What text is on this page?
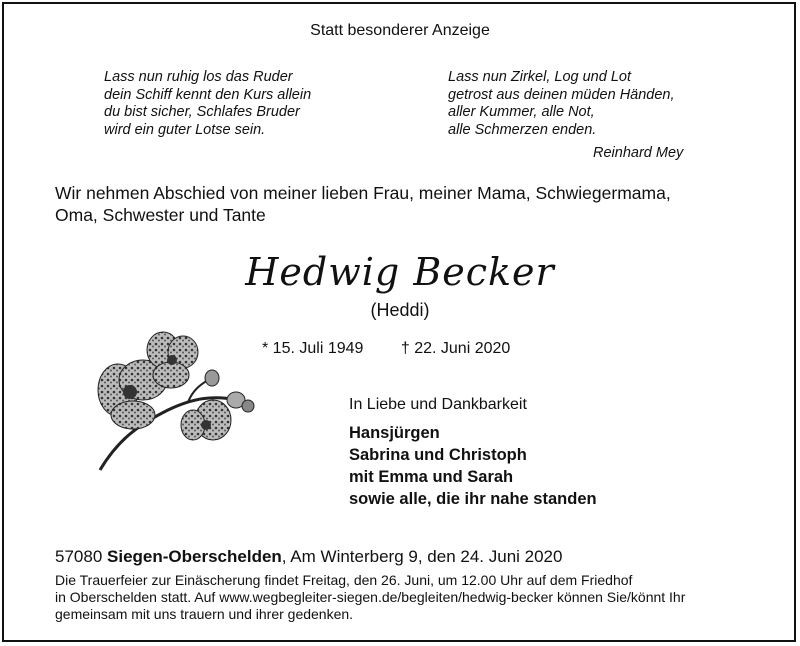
Statt besonderer Anzeige
Lass nun ruhig los das Ruder
dein Schiff kennt den Kurs allein
du bist sicher, Schlafes Bruder
wird ein guter Lotse sein.
Lass nun Zirkel, Log und Lot
getrost aus deinen müden Händen,
aller Kummer, alle Not,
alle Schmerzen enden.
Reinhard Mey
Wir nehmen Abschied von meiner lieben Frau, meiner Mama, Schwiegermama,
Oma, Schwester und Tante
Hedwig Becker
(Heddi)
* 15. Juli 1949 † 22. Juni 2020
In Liebe und Dankbarkeit
Hansjürgen
Sabrina und Christoph
mit Emma und Sarah
sowie alle, die ihr nahe standen
57080 Siegen-Oberschelden, Am Winterberg 9, den 24. Juni 2020
Die Trauerfeier zur Einäscherung findet Freitag, den 26. Juni, um 12.00 Uhr auf dem Friedhof
in Oberschelden statt. Auf www.wegbegleiter-siegen.de/begleiten/hedwig-becker können Sie/könnt Ihr
gemeinsam mit uns trauern und ihrer gedenken.
